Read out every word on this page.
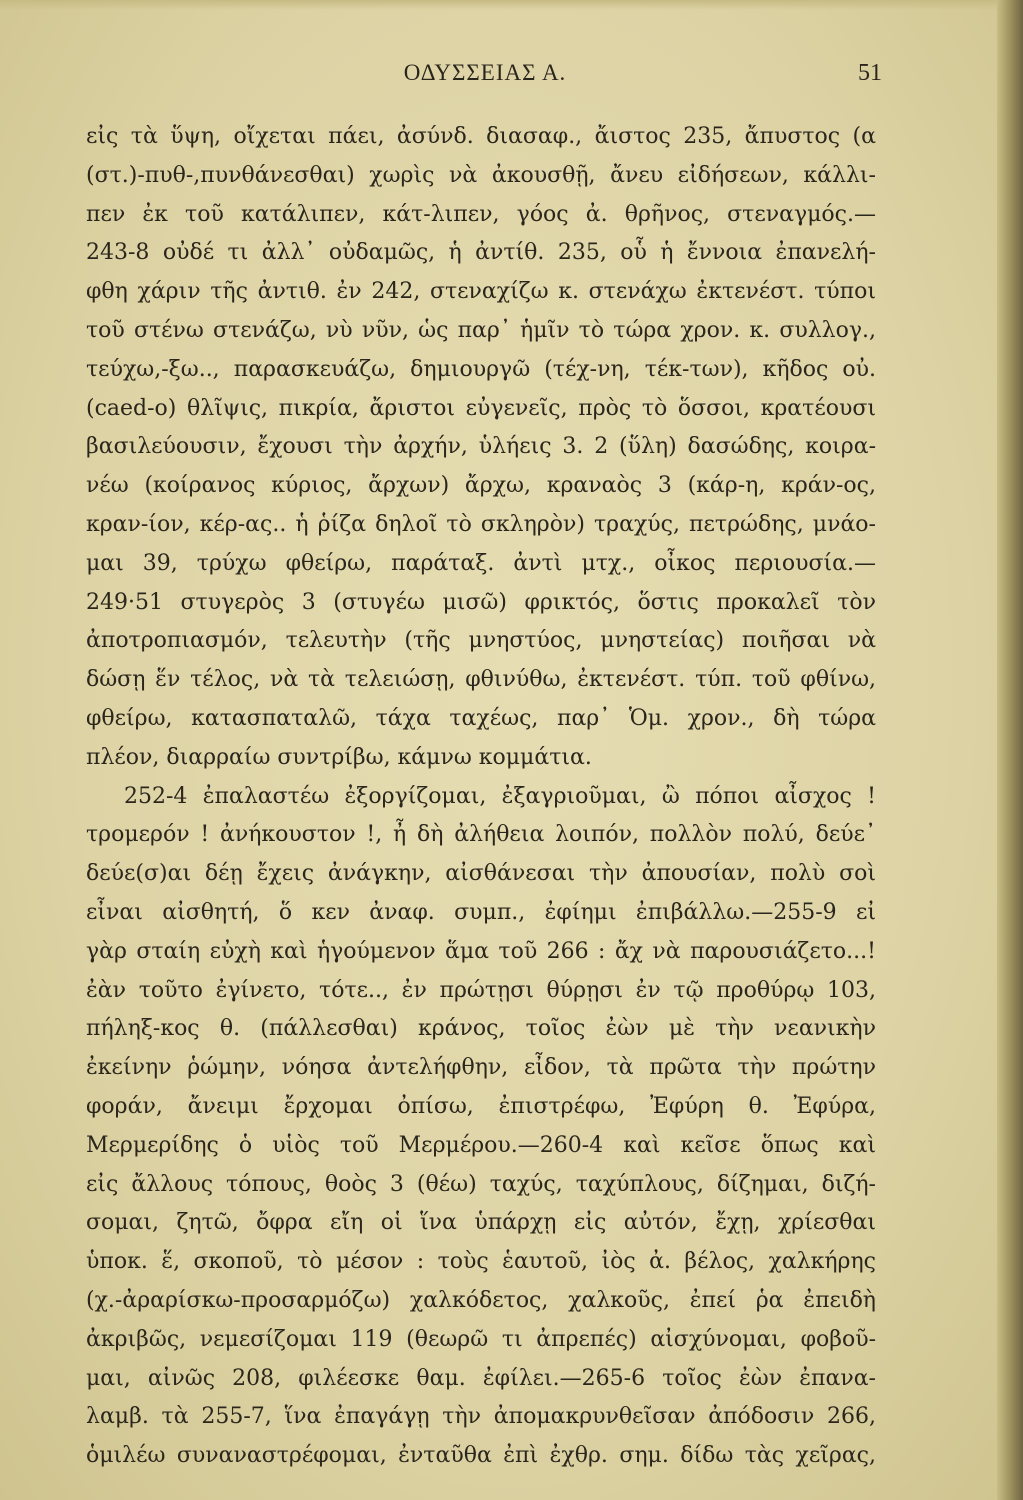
ΟΔΥΣΣΕΙΑΣ Α.	51
εἰς τὰ ὕψη, οἴχεται πάει, ἀσύνδ. διασαφ., ἄιστος 235, ἄπυστος (α
(στ.)-πυθ-,πυνθάνεσθαι) χωρὶς νὰ ἀκουσθῇ, ἄνευ εἰδήσεων, κάλλι-
πεν ἐκ τοῦ κατάλιπεν, κάτ-λιπεν, γόος ἀ. θρῆνος, στεναγμός.—
243-8 οὐδέ τι ἀλλ᾽ οὐδαμῶς, ἡ ἀντίθ. 235, οὗ ἡ ἔννοια ἐπανελή-
φθη χάριν τῆς ἀντιθ. ἐν 242, στεναχίζω κ. στενάχω ἐκτενέστ. τύποι
τοῦ στένω στενάζω, νὺ νῦν, ὡς παρ᾽ ἡμῖν τὸ τώρα χρον. κ. συλλογ.,
τεύχω,-ξω.., παρασκευάζω, δημιουργῶ (τέχ-νη, τέκ-των), κῆδος οὐ.
(caed-o) θλῖψις, πικρία, ἄριστοι εὐγενεῖς, πρὸς τὸ ὅσσοι, κρατέουσι
βασιλεύουσιν, ἔχουσι τὴν ἀρχήν, ὑλήεις 3. 2 (ὕλη) δασώδης, κοιρα-
νέω (κοίρανος κύριος, ἄρχων) ἄρχω, κραναὸς 3 (κάρ-η, κράν-ος,
κραν-ίον, κέρ-ας.. ἡ ῥίζα δηλοῖ τὸ σκληρὸν) τραχύς, πετρώδης, μνάο-
μαι 39, τρύχω φθείρω, παράταξ. ἀντὶ μτχ., οἶκος περιουσία.—
249·51 στυγερὸς 3 (στυγέω μισῶ) φρικτός, ὅστις προκαλεῖ τὸν
ἀποτροπιασμόν, τελευτὴν (τῆς μνηστύος, μνηστείας) ποιῆσαι νὰ
δώσῃ ἕν τέλος, νὰ τὰ τελειώσῃ, φθινύθω, ἐκτενέστ. τύπ. τοῦ φθίνω,
φθείρω, κατασπαταλῶ, τάχα ταχέως, παρ᾽ Ὁμ. χρον., δὴ τώρα
πλέον, διαρραίω συντρίβω, κάμνω κομμάτια.
252-4 ἐπαλαστέω ἐξοργίζομαι, ἐξαγριοῦμαι, ὢ πόποι αἶσχος !
τρομερόν ! ἀνήκουστον !, ἦ δὴ ἀλήθεια λοιπόν, πολλὸν πολύ, δεύε᾽
δεύε(σ)αι δέῃ ἔχεις ἀνάγκην, αἰσθάνεσαι τὴν ἀπουσίαν, πολὺ σοὶ
εἶναι αἰσθητή, ὅ κεν ἀναφ. συμπ., ἐφίημι ἐπιβάλλω.—255-9 εἰ
γὰρ σταίη εὐχὴ καὶ ἡγούμενον ἅμα τοῦ 266 : ἄχ νὰ παρουσιάζετο...!
ἐὰν τοῦτο ἐγίνετο, τότε.., ἐν πρώτῃσι θύρῃσι ἐν τῷ προθύρῳ 103,
πήληξ-κος θ. (πάλλεσθαι) κράνος, τοῖος ἐὼν μὲ τὴν νεανικὴν
ἐκείνην ῥώμην, νόησα ἀντελήφθην, εἶδον, τὰ πρῶτα τὴν πρώτην
φοράν, ἄνειμι ἔρχομαι ὀπίσω, ἐπιστρέφω, Ἐφύρη θ. Ἐφύρα,
Μερμερίδης ὁ υἱὸς τοῦ Μερμέρου.—260-4 καὶ κεῖσε ὅπως καὶ
εἰς ἄλλους τόπους, θοὸς 3 (θέω) ταχύς, ταχύπλους, δίζημαι, διζή-
σομαι, ζητῶ, ὄφρα εἴη οἱ ἵνα ὑπάρχῃ εἰς αὐτόν, ἔχῃ, χρίεσθαι
ὑποκ. ἕ, σκοποῦ, τὸ μέσον : τοὺς ἑαυτοῦ, ἰὸς ἀ. βέλος, χαλκήρης
(χ.-ἀραρίσκω-προσαρμόζω) χαλκόδετος, χαλκοῦς, ἐπεί ῥα ἐπειδὴ
ἀκριβῶς, νεμεσίζομαι 119 (θεωρῶ τι ἀπρεπές) αἰσχύνομαι, φοβοῦ-
μαι, αἰνῶς 208, φιλέεσκε θαμ. ἐφίλει.—265-6 τοῖος ἐὼν ἐπανα-
λαμβ. τὰ 255-7, ἵνα ἐπαγάγῃ τὴν ἀπομακρυνθεῖσαν ἀπόδοσιν 266,
ὁμιλέω συναναστρέφομαι, ἐνταῦθα ἐπὶ ἐχθρ. σημ. δίδω τὰς χεῖρας,
